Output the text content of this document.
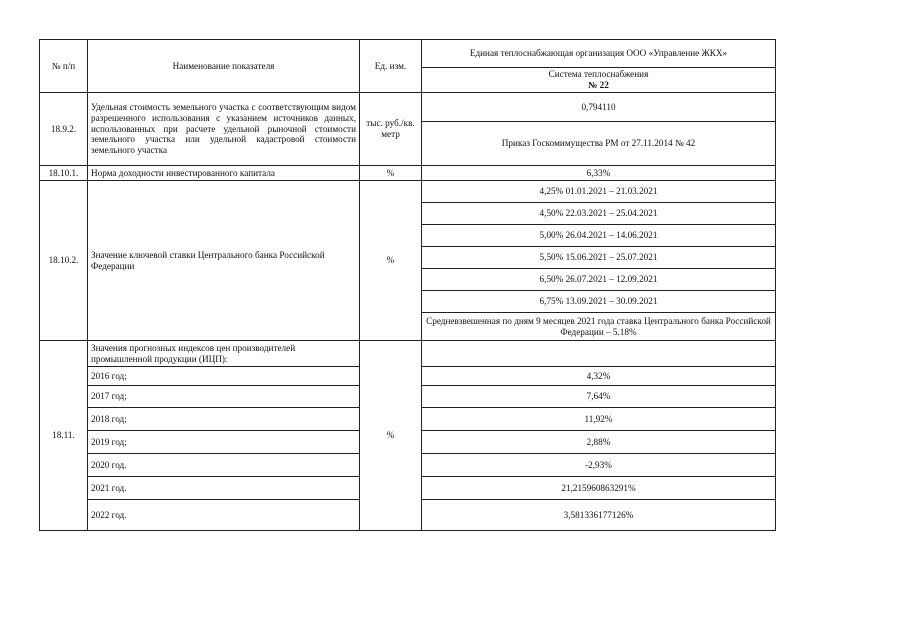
№ п/п	Наименование показателя	Ед. изм.	Единая теплоснабжающая организация ООО «Управление ЖКХ»

			Система теплоснабжения
№ 22

18.9.2.	Удельная стоимость земельного участка с соответствующим видом разрешенного использования с указанием источников данных, использованных при расчете удельной рыночной стоимости земельного участка или удельной кадастровой стоимости земельного участка	тыс. руб./кв. метр	0,794110
			Приказ Госкомимущества РМ от 27.11.2014 № 42
18.10.1.	Норма доходности инвестированного капитала	%	6,33%
18.10.2.	Значение ключевой ставки Центрального банка Российской Федерации	%	4,25% 01.01.2021 – 21.03.2021
			4,50% 22.03.2021 – 25.04.2021
			5,00% 26.04.2021 – 14.06.2021
			5,50% 15.06.2021 – 25.07.2021
			6,50% 26.07.2021 – 12.09.2021
			6,75% 13.09.2021 – 30.09.2021
			Средневзвешенная по дням 9 месяцев 2021 года ставка Центрального банка Российской Федерации – 5.18%
18.11.	Значения прогнозных индексов цен производителей промышленной продукции (ИЦП):	%	
	2016 год;		4,32%
	2017 год;		7,64%
	2018 год;		11,92%
	2019 год;		2,88%
	2020 год.		-2,93%
	2021 год.		21,215960863291%
	2022 год.		3,581336177126%
